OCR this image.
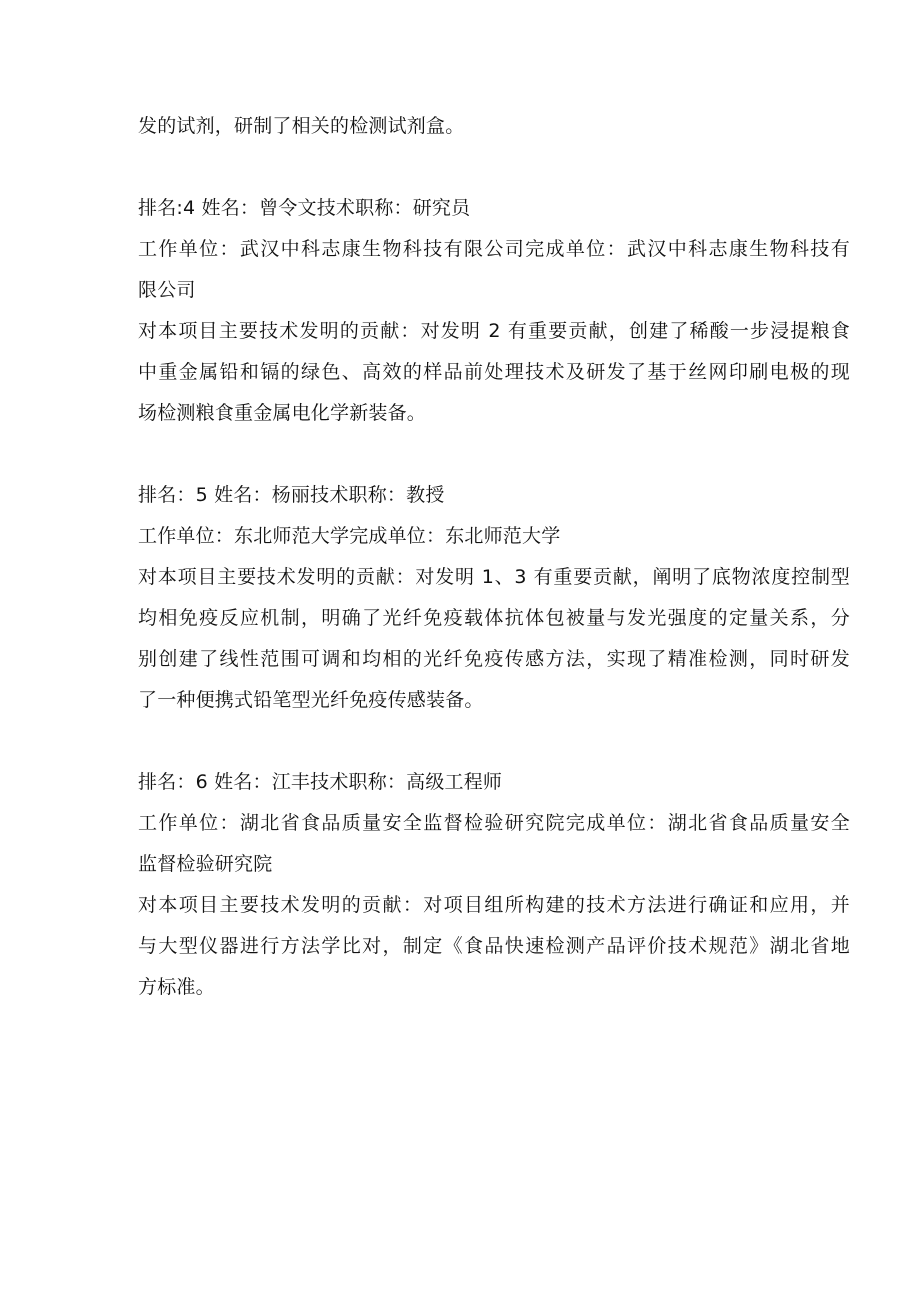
发的试剂，研制了相关的检测试剂盒。
排名:4 姓名：曾令文技术职称：研究员
工作单位：武汉中科志康生物科技有限公司完成单位：武汉中科志康生物科技有
限公司
对本项目主要技术发明的贡献：对发明 2 有重要贡献，创建了稀酸一步浸提粮食
中重金属铅和镉的绿色、高效的样品前处理技术及研发了基于丝网印刷电极的现
场检测粮食重金属电化学新装备。
排名：5 姓名：杨丽技术职称：教授
工作单位：东北师范大学完成单位：东北师范大学
对本项目主要技术发明的贡献：对发明 1、3 有重要贡献，阐明了底物浓度控制型
均相免疫反应机制，明确了光纤免疫载体抗体包被量与发光强度的定量关系，分
别创建了线性范围可调和均相的光纤免疫传感方法，实现了精准检测，同时研发
了一种便携式铅笔型光纤免疫传感装备。
排名：6 姓名：江丰技术职称：高级工程师
工作单位：湖北省食品质量安全监督检验研究院完成单位：湖北省食品质量安全
监督检验研究院
对本项目主要技术发明的贡献：对项目组所构建的技术方法进行确证和应用，并
与大型仪器进行方法学比对，制定《食品快速检测产品评价技术规范》湖北省地
方标准。
